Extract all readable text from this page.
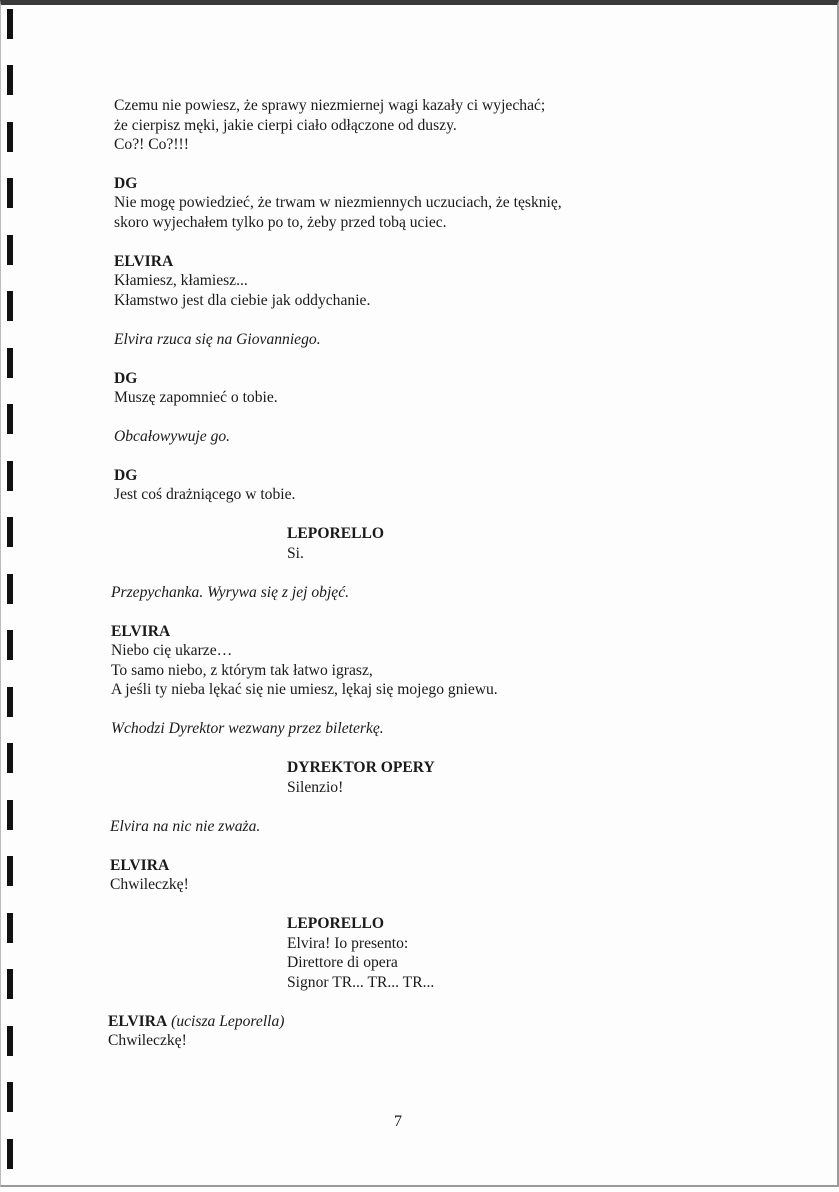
Czemu nie powiesz, że sprawy niezmiernej wagi kazały ci wyjechać;
że cierpisz męki, jakie cierpi ciało odłączone od duszy.
Co?! Co?!!!
DG
Nie mogę powiedzieć, że trwam w niezmiennych uczuciach, że tęsknię,
skoro wyjechałem tylko po to, żeby przed tobą uciec.
ELVIRA
Kłamiesz, kłamiesz...
Kłamstwo jest dla ciebie jak oddychanie.
Elvira rzuca się na Giovanniego.
DG
Muszę zapomnieć o tobie.
Obcałowywuje go.
DG
Jest coś drażniącego w tobie.
LEPORELLO
Si.
Przepychanka. Wyrywa się z jej objęć.
ELVIRA
Niebo cię ukarze…
To samo niebo, z którym tak łatwo igrasz,
A jeśli ty nieba lękać się nie umiesz, lękaj się mojego gniewu.
Wchodzi Dyrektor wezwany przez bileterkę.
DYREKTOR OPERY
Silenzio!
Elvira na nic nie zważa.
ELVIRA
Chwileczkę!
LEPORELLO
Elvira! Io presento:
Direttore di opera
Signor TR... TR... TR...
ELVIRA (ucisza Leporella)
Chwileczkę!
7
